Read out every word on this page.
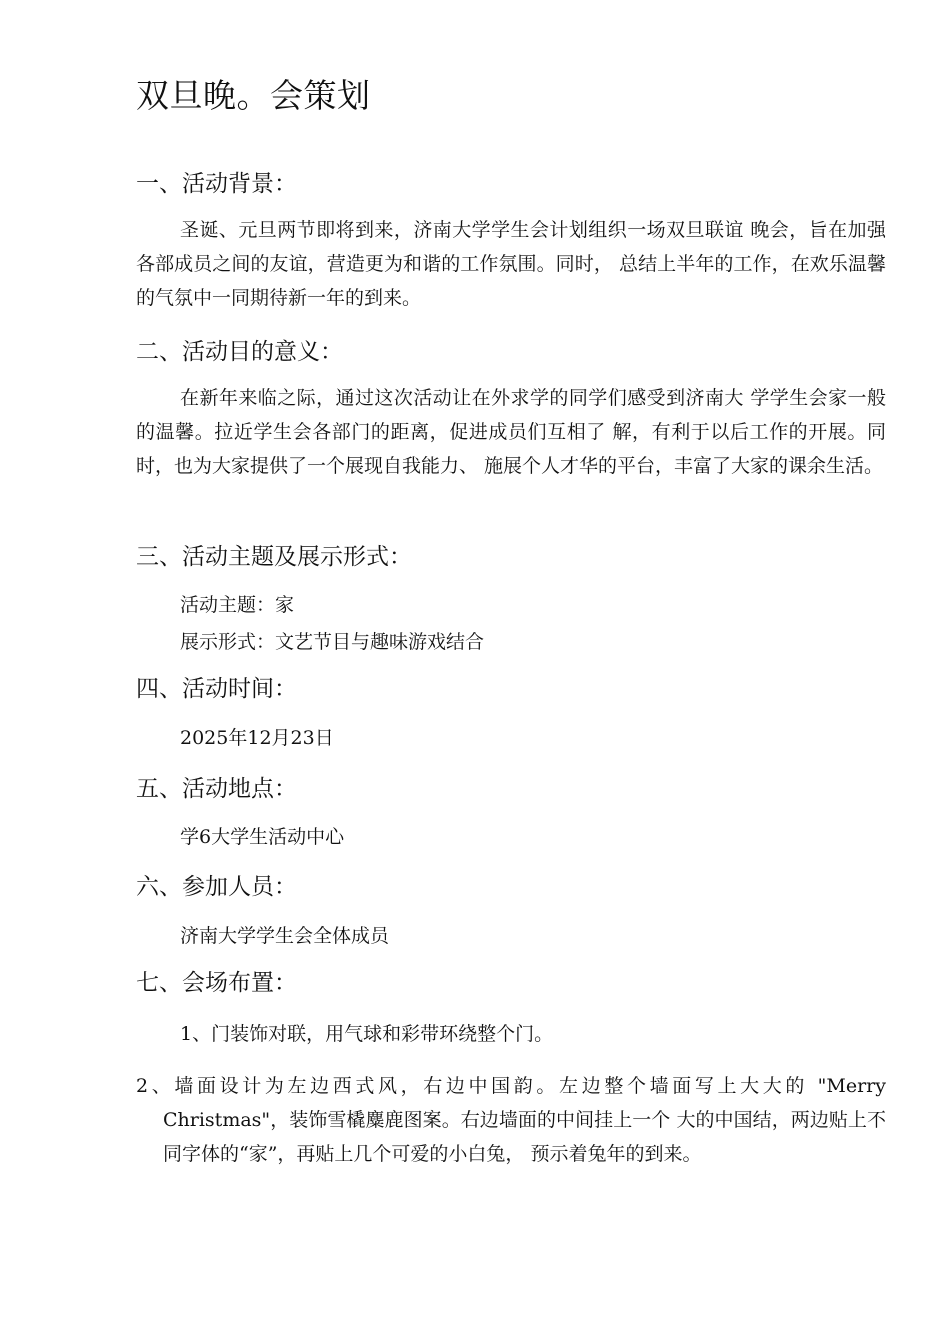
双旦晚。会策划
一、活动背景：

圣诞、元旦两节即将到来，济南大学学生会计划组织一场双旦联谊 晚会，旨在加强各部成员之间的友谊，营造更为和谐的工作氛围。同时， 总结上半年的工作，在欢乐温馨的气氛中一同期待新一年的到来。

二、活动目的意义：

在新年来临之际，通过这次活动让在外求学的同学们感受到济南大 学学生会家一般的温馨。拉近学生会各部门的距离，促进成员们互相了 解，有利于以后工作的开展。同时，也为大家提供了一个展现自我能力、 施展个人才华的平台，丰富了大家的课余生活。

三、活动主题及展示形式：

活动主题：家

展示形式：文艺节目与趣味游戏结合

四、活动时间：

2025年12月23日

五、活动地点：

学6大学生活动中心

六、参加人员：

济南大学学生会全体成员

七、会场布置：

1、门装饰对联，用气球和彩带环绕整个门。

2、墙面设计为左边西式风，右边中国韵。左边整个墙面写上大大的 "Merry Christmas"，装饰雪橇麋鹿图案。右边墙面的中间挂上一个 大的中国结，两边贴上不同字体的“家”，再贴上几个可爱的小白兔， 预示着兔年的到来。
